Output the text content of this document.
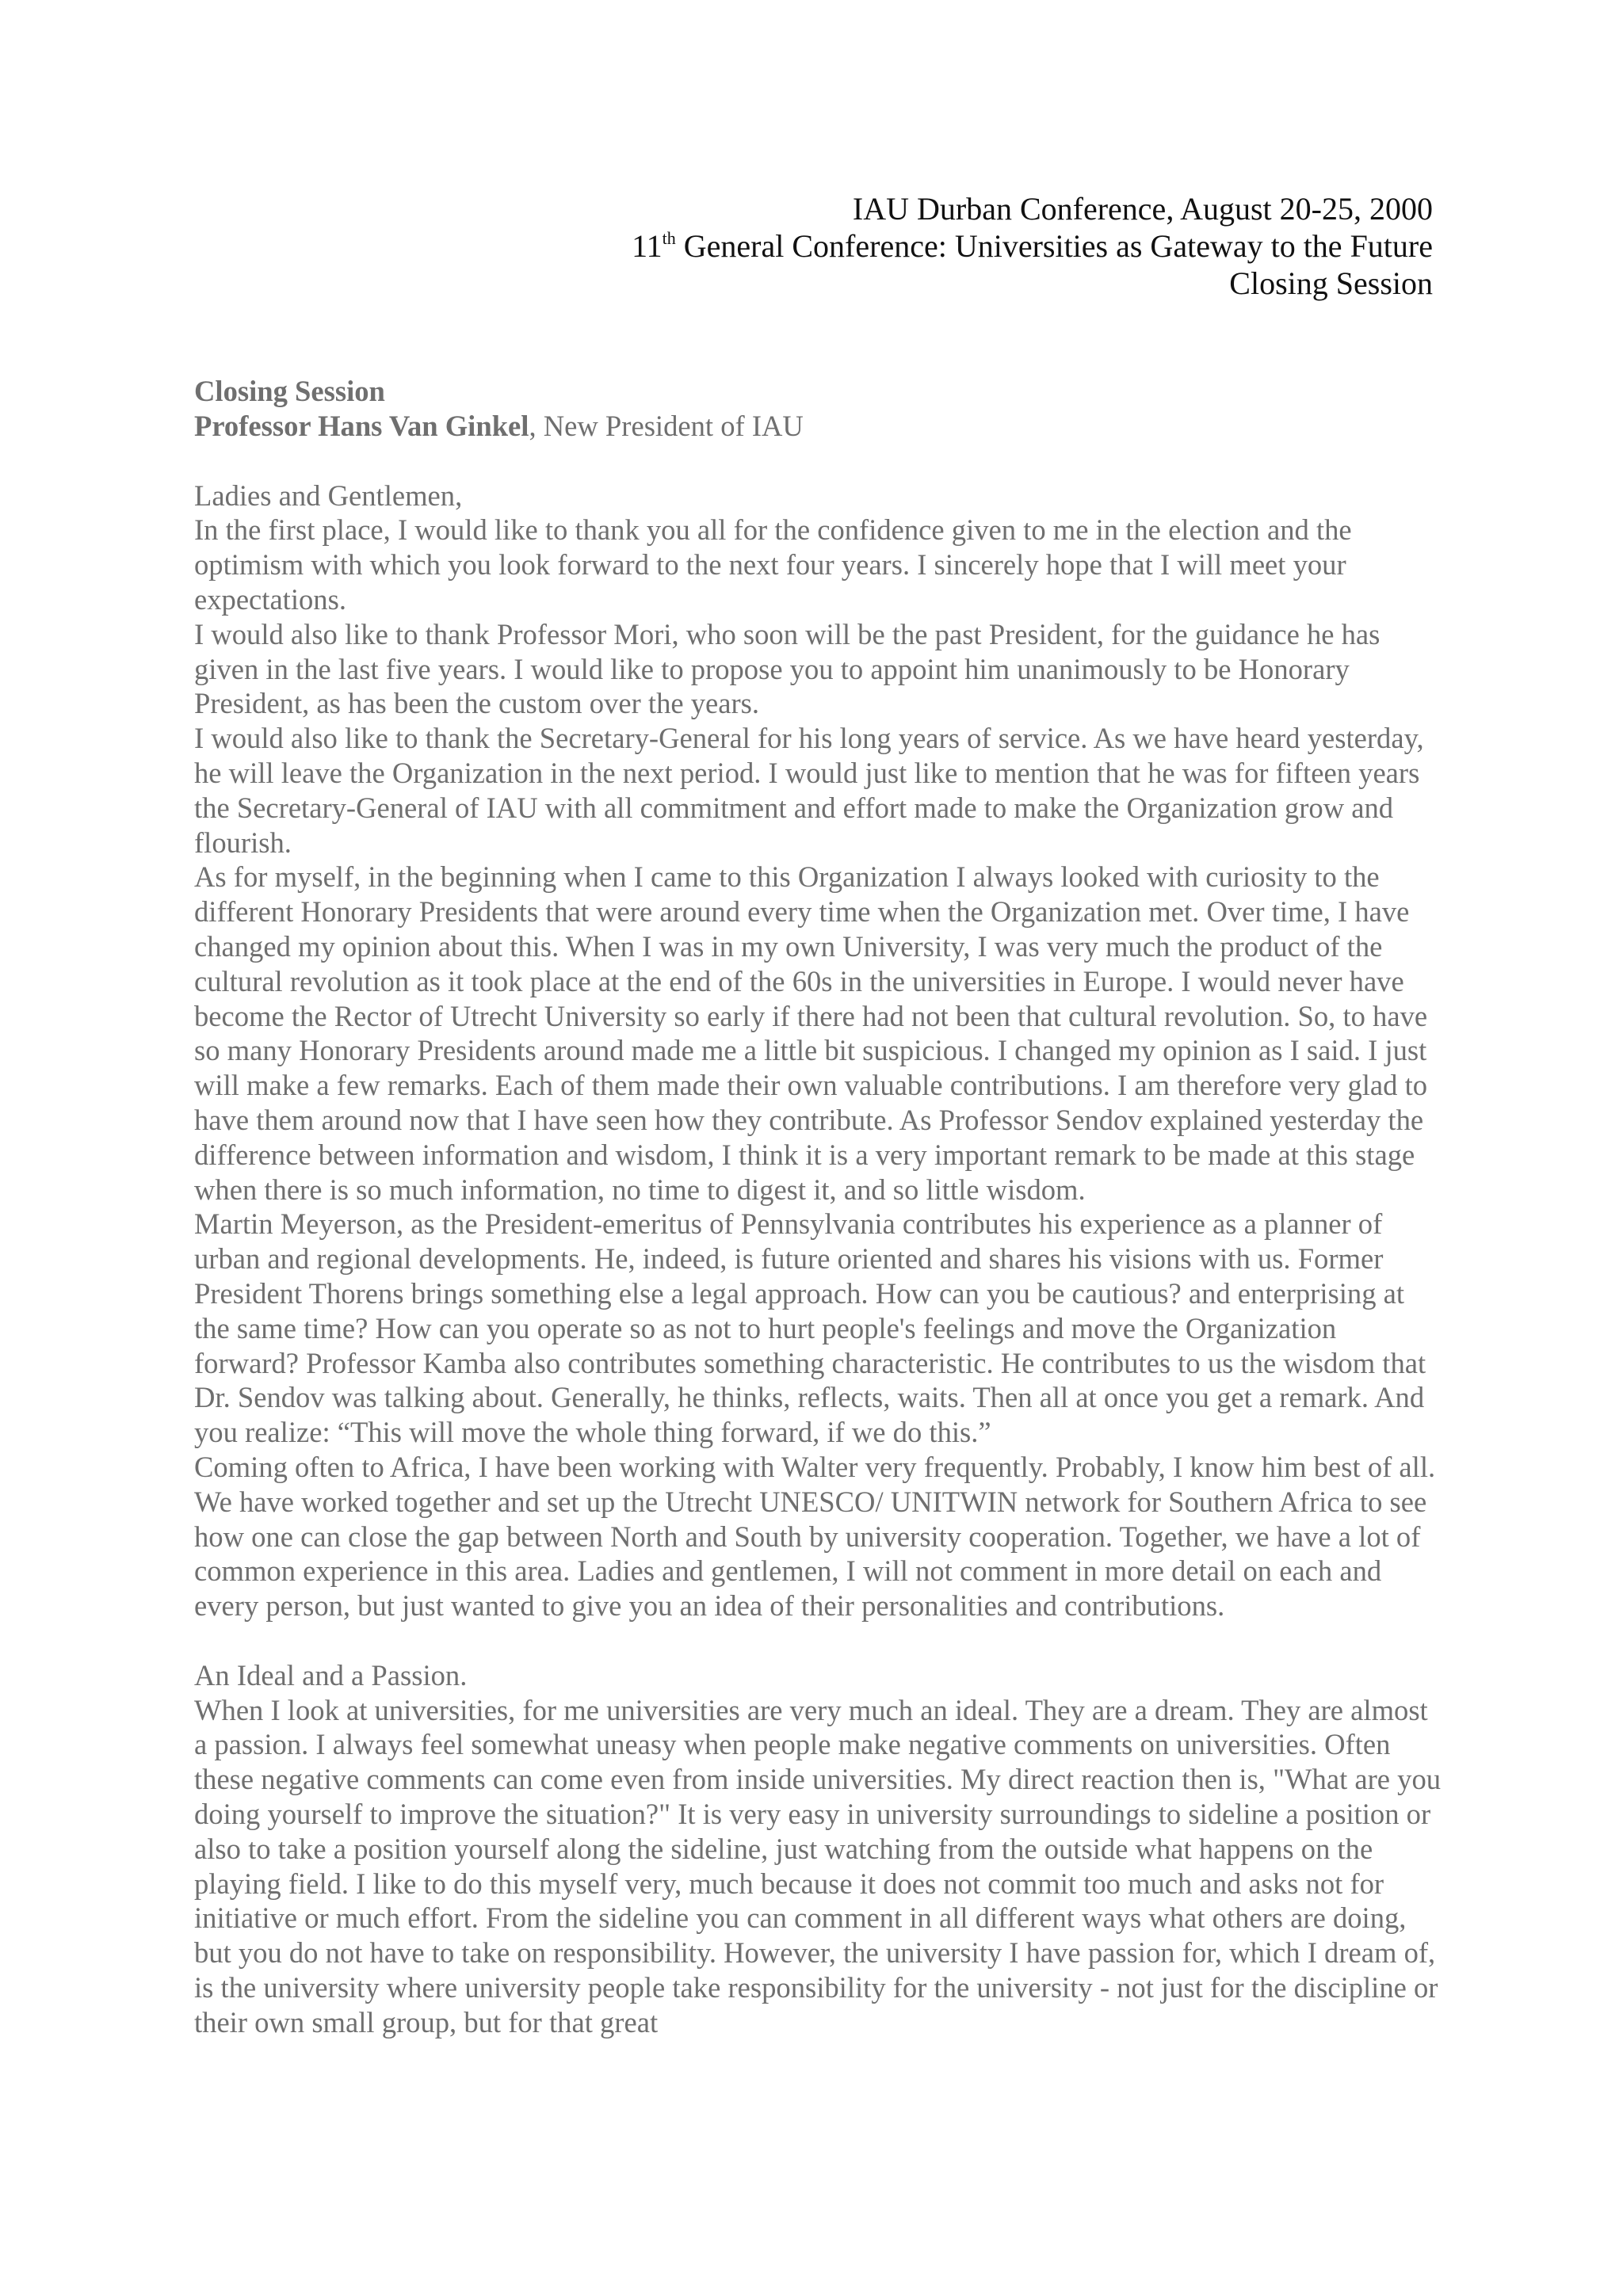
IAU Durban Conference, August 20-25, 2000
11th General Conference: Universities as Gateway to the Future
Closing Session

Closing Session

Professor Hans Van Ginkel, New President of IAU

Ladies and Gentlemen,

In the first place, I would like to thank you all for the confidence given to me in the election and the optimism with which you look forward to the next four years. I sincerely hope that I will meet your expectations.

I would also like to thank Professor Mori, who soon will be the past President, for the guidance he has given in the last five years. I would like to propose you to appoint him unanimously to be Honorary President, as has been the custom over the years.

I would also like to thank the Secretary-General for his long years of service. As we have heard yesterday, he will leave the Organization in the next period. I would just like to mention that he was for fifteen years the Secretary-General of IAU with all commitment and effort made to make the Organization grow and flourish.

As for myself, in the beginning when I came to this Organization I always looked with curiosity to the different Honorary Presidents that were around every time when the Organization met. Over time, I have changed my opinion about this. When I was in my own University, I was very much the product of the cultural revolution as it took place at the end of the 60s in the universities in Europe. I would never have become the Rector of Utrecht University so early if there had not been that cultural revolution. So, to have so many Honorary Presidents around made me a little bit suspicious. I changed my opinion as I said. I just will make a few remarks. Each of them made their own valuable contributions. I am therefore very glad to have them around now that I have seen how they contribute. As Professor Sendov explained yesterday the difference between information and wisdom, I think it is a very important remark to be made at this stage when there is so much information, no time to digest it, and so little wisdom.

Martin Meyerson, as the President-emeritus of Pennsylvania contributes his experience as a planner of urban and regional developments. He, indeed, is future oriented and shares his visions with us. Former President Thorens brings something else a legal approach. How can you be cautious? and enterprising at the same time? How can you operate so as not to hurt people's feelings and move the Organization forward? Professor Kamba also contributes something characteristic. He contributes to us the wisdom that Dr. Sendov was talking about. Generally, he thinks, reflects, waits. Then all at once you get a remark. And you realize: “This will move the whole thing forward, if we do this.”

Coming often to Africa, I have been working with Walter very frequently. Probably, I know him best of all. We have worked together and set up the Utrecht UNESCO/ UNITWIN network for Southern Africa to see how one can close the gap between North and South by university cooperation. Together, we have a lot of common experience in this area. Ladies and gentlemen, I will not comment in more detail on each and every person, but just wanted to give you an idea of their personalities and contributions.

An Ideal and a Passion.

When I look at universities, for me universities are very much an ideal. They are a dream. They are almost a passion. I always feel somewhat uneasy when people make negative comments on universities. Often these negative comments can come even from inside universities. My direct reaction then is, "What are you doing yourself to improve the situation?" It is very easy in university surroundings to sideline a position or also to take a position yourself along the sideline, just watching from the outside what happens on the playing field. I like to do this myself very, much because it does not commit too much and asks not for initiative or much effort. From the sideline you can comment in all different ways what others are doing, but you do not have to take on responsibility. However, the university I have passion for, which I dream of, is the university where university people take responsibility for the university - not just for the discipline or their own small group, but for that great
